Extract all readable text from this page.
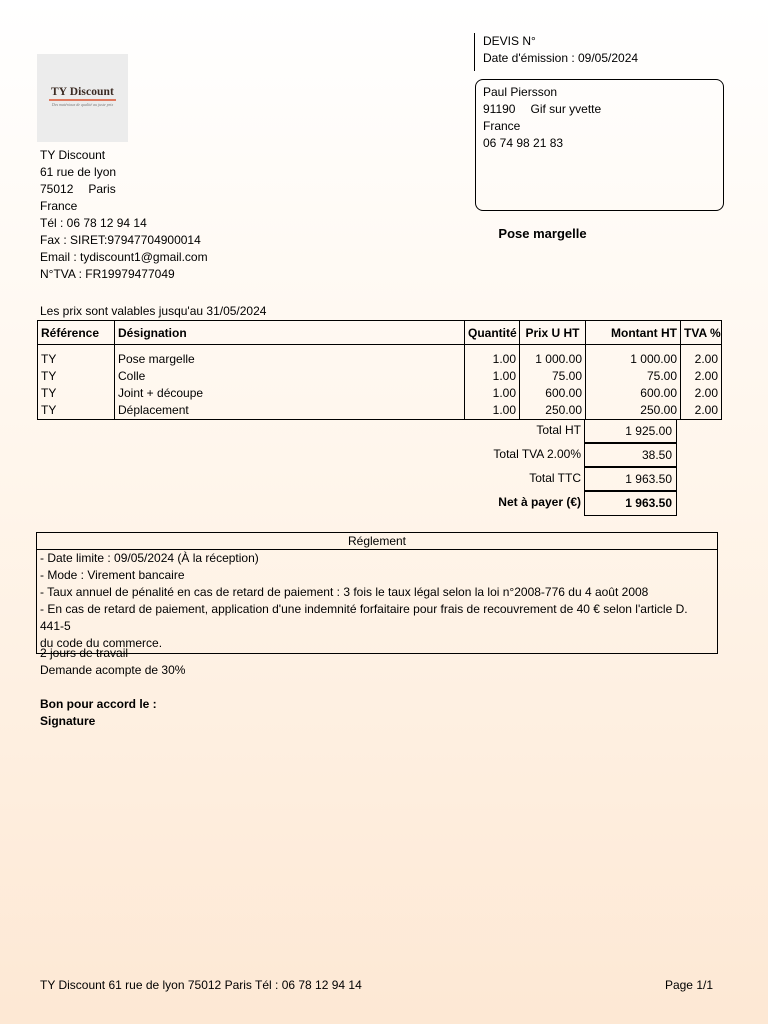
TY Discount
Des matériaux de qualité au juste prix
TY Discount
61 rue de lyon
75012 Paris
France
Tél : 06 78 12 94 14
Fax : SIRET:97947704900014
Email : tydiscount1@gmail.com
N°TVA : FR19979477049
DEVIS N°
Date d'émission : 09/05/2024
Paul Piersson
91190 Gif sur yvette
France
06 74 98 21 83
Pose margelle
Les prix sont valables jusqu'au 31/05/2024
Référence	Désignation	Quantité	Prix U HT	Montant HT	TVA %
TY	Pose margelle	1.00	1 000.00	1 000.00	2.00
TY	Colle	1.00	75.00	75.00	2.00
TY	Joint + découpe	1.00	600.00	600.00	2.00
TY	Déplacement	1.00	250.00	250.00	2.00
Total HT	1 925.00
Total TVA 2.00%	38.50
Total TTC	1 963.50
Net à payer (€)	1 963.50
Réglement
- Date limite : 09/05/2024 (À la réception)
- Mode : Virement bancaire
- Taux annuel de pénalité en cas de retard de paiement : 3 fois le taux légal selon la loi n°2008-776 du 4 août 2008
- En cas de retard de paiement, application d'une indemnité forfaitaire pour frais de recouvrement de 40 € selon l'article D. 441-5
du code du commerce.
2 jours de travail
Demande acompte de 30%
Bon pour accord le :
Signature
TY Discount 61 rue de lyon 75012 Paris Tél : 06 78 12 94 14	Page 1/1
